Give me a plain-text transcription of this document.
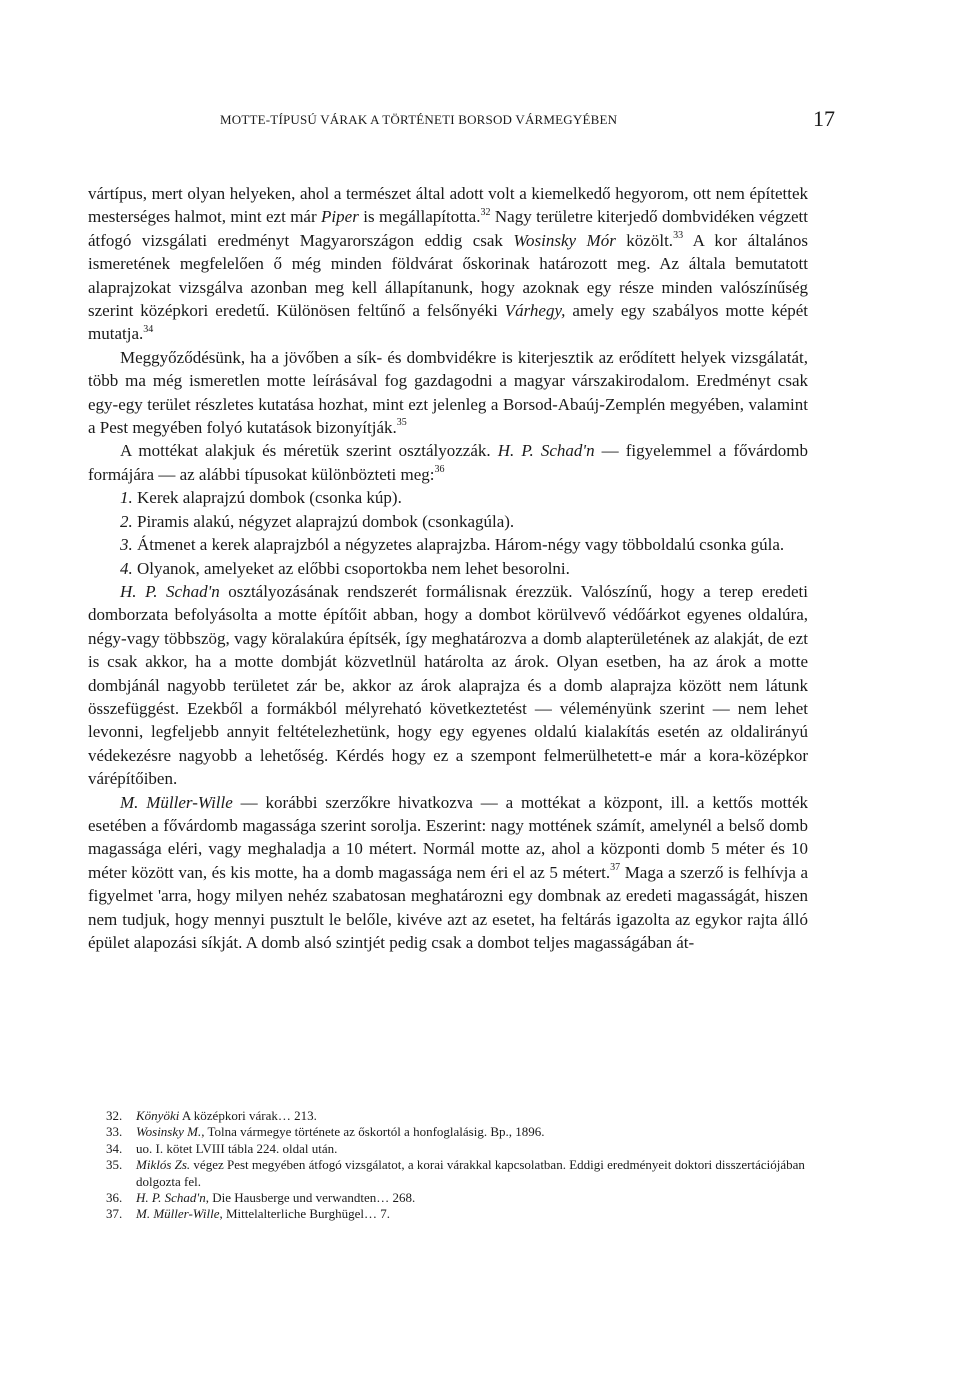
MOTTE-TÍPUSÚ VÁRAK A TÖRTÉNETI BORSOD VÁRMEGYÉBEN	17

vártípus, mert olyan helyeken, ahol a természet által adott volt a kiemelkedő hegyorom, ott nem építettek mesterséges halmot, mint ezt már Piper is megállapította.$^{32}$ Nagy területre kiterjedő dombvidéken végzett átfogó vizsgálati eredményt Magyarországon eddig csak Wosinsky Mór közölt.$^{33}$ A kor általános ismeretének megfelelően ő még minden földvárat őskorinak határozott meg. Az általa bemutatott alaprajzokat vizsgálva azonban meg kell állapítanunk, hogy azoknak egy része minden valószínűség szerint középkori eredetű. Különösen feltűnő a felsőnyéki Várhegy, amely egy szabályos motte képét mutatja.$^{34}$

Meggyőződésünk, ha a jövőben a sík- és dombvidékre is kiterjesztik az erődített helyek vizsgálatát, több ma még ismeretlen motte leírásával fog gazdagodni a magyar várszakirodalom. Eredményt csak egy-egy terület részletes kutatása hozhat, mint ezt jelenleg a Borsod-Abaúj-Zemplén megyében, valamint a Pest megyében folyó kutatások bizonyítják.$^{35}$

A mottékat alakjuk és méretük szerint osztályozzák. H. P. Schad'n — figyelemmel a fővárdomb formájára — az alábbi típusokat különbözteti meg:$^{36}$

1. Kerek alaprajzú dombok (csonka kúp).

2. Piramis alakú, négyzet alaprajzú dombok (csonkagúla).

3. Átmenet a kerek alaprajzból a négyzetes alaprajzba. Három-négy vagy többoldalú csonka gúla.

4. Olyanok, amelyeket az előbbi csoportokba nem lehet besorolni.

H. P. Schad'n osztályozásának rendszerét formálisnak érezzük. Valószínű, hogy a terep eredeti domborzata befolyásolta a motte építőit abban, hogy a dombot körülvevő védőárkot egyenes oldalúra, négy-vagy többszög, vagy köralakúra építsék, így meghatározva a domb alapterületének az alakját, de ezt is csak akkor, ha a motte dombját közvetlnül határolta az árok. Olyan esetben, ha az árok a motte dombjánál nagyobb területet zár be, akkor az árok alaprajza és a domb alaprajza között nem látunk összefüggést. Ezekből a formákból mélyreható következtetést — véleményünk szerint — nem lehet levonni, legfeljebb annyit feltételezhetünk, hogy egy egyenes oldalú kialakítás esetén az oldalirányú védekezésre nagyobb a lehetőség. Kérdés hogy ez a szempont felmerülhetett-e már a kora-középkor várépítőiben.

M. Müller-Wille — korábbi szerzőkre hivatkozva — a mottékat a központ, ill. a kettős motték esetében a fővárdomb magassága szerint sorolja. Eszerint: nagy mottének számít, amelynél a belső domb magassága eléri, vagy meghaladja a 10 métert. Normál motte az, ahol a központi domb 5 méter és 10 méter között van, és kis motte, ha a domb magassága nem éri el az 5 métert.$^{37}$ Maga a szerző is felhívja a figyelmet 'arra, hogy milyen nehéz szabatosan meghatározni egy dombnak az eredeti magasságát, hiszen nem tudjuk, hogy mennyi pusztult le belőle, kivéve azt az esetet, ha feltárás igazolta az egykor rajta álló épület alapozási síkját. A domb alsó szintjét pedig csak a dombot teljes magasságában át-

32.	Könyöki A középkori várak… 213.
33.	Wosinsky M., Tolna vármegye története az őskortól a honfoglalásig. Bp., 1896.
34.	uo. I. kötet LVIII tábla 224. oldal után.
35.	Miklós Zs. végez Pest megyében átfogó vizsgálatot, a korai várakkal kapcsolatban. Eddigi eredményeit doktori disszertációjában dolgozta fel.
36.	H. P. Schad'n, Die Hausberge und verwandten… 268.
37.	M. Müller-Wille, Mittelalterliche Burghügel… 7.
